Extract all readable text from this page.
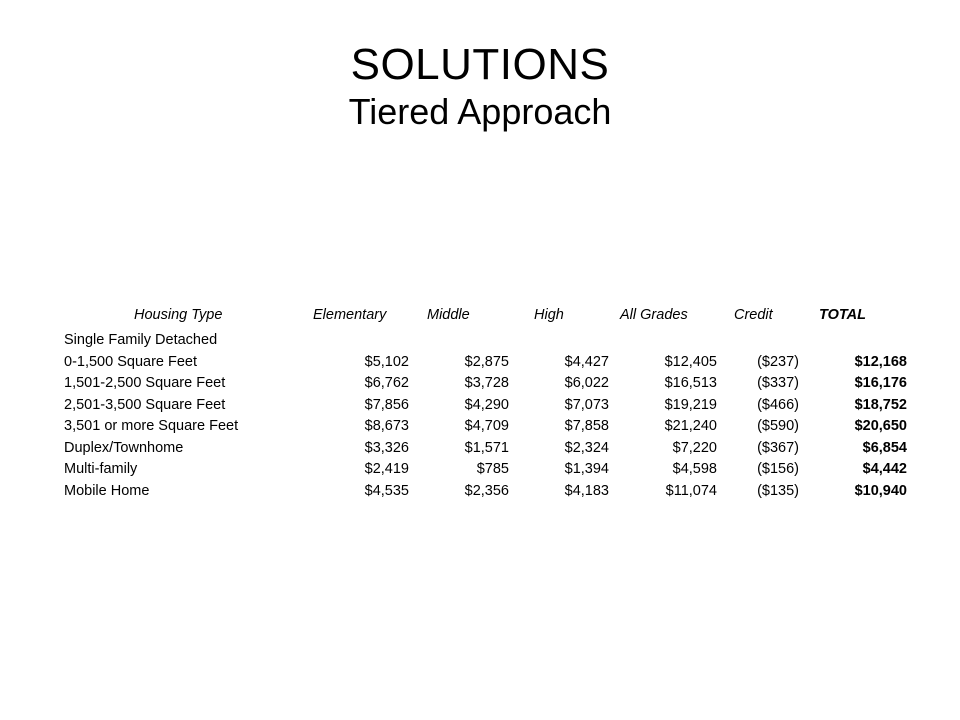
SOLUTIONS
Tiered Approach
Housing Type	Elementary	Middle	High	All Grades	Credit	TOTAL
Single Family Detached						
0-1,500 Square Feet	$5,102	$2,875	$4,427	$12,405	($237)	$12,168
1,501-2,500 Square Feet	$6,762	$3,728	$6,022	$16,513	($337)	$16,176
2,501-3,500 Square Feet	$7,856	$4,290	$7,073	$19,219	($466)	$18,752
3,501 or more Square Feet	$8,673	$4,709	$7,858	$21,240	($590)	$20,650
Duplex/Townhome	$3,326	$1,571	$2,324	$7,220	($367)	$6,854
Multi-family	$2,419	$785	$1,394	$4,598	($156)	$4,442
Mobile Home	$4,535	$2,356	$4,183	$11,074	($135)	$10,940
